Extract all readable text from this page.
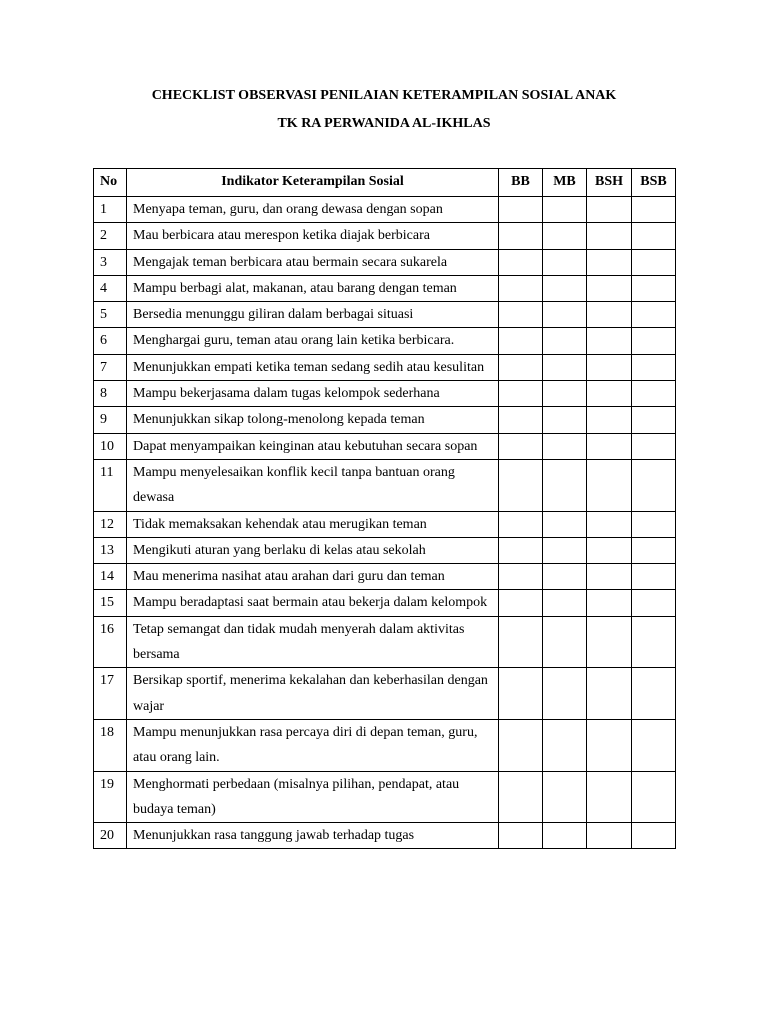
CHECKLIST OBSERVASI PENILAIAN KETERAMPILAN SOSIAL ANAK
TK RA PERWANIDA AL-IKHLAS
No	Indikator Keterampilan Sosial	BB	MB	BSH	BSB
1	Menyapa teman, guru, dan orang dewasa dengan sopan				
2	Mau berbicara atau merespon ketika diajak berbicara				
3	Mengajak teman berbicara atau bermain secara sukarela				
4	Mampu berbagi alat, makanan, atau barang dengan teman				
5	Bersedia menunggu giliran dalam berbagai situasi				
6	Menghargai guru, teman atau orang lain ketika berbicara.				
7	Menunjukkan empati ketika teman sedang sedih atau kesulitan				
8	Mampu bekerjasama dalam tugas kelompok sederhana				
9	Menunjukkan sikap tolong-menolong kepada teman				
10	Dapat menyampaikan keinginan atau kebutuhan secara sopan				
11	Mampu menyelesaikan konflik kecil tanpa bantuan orang dewasa				
12	Tidak memaksakan kehendak atau merugikan teman				
13	Mengikuti aturan yang berlaku di kelas atau sekolah				
14	Mau menerima nasihat atau arahan dari guru dan teman				
15	Mampu beradaptasi saat bermain atau bekerja dalam kelompok				
16	Tetap semangat dan tidak mudah menyerah dalam aktivitas bersama				
17	Bersikap sportif, menerima kekalahan dan keberhasilan dengan wajar				
18	Mampu menunjukkan rasa percaya diri di depan teman, guru, atau orang lain.				
19	Menghormati perbedaan (misalnya pilihan, pendapat, atau budaya teman)				
20	Menunjukkan rasa tanggung jawab terhadap tugas				
